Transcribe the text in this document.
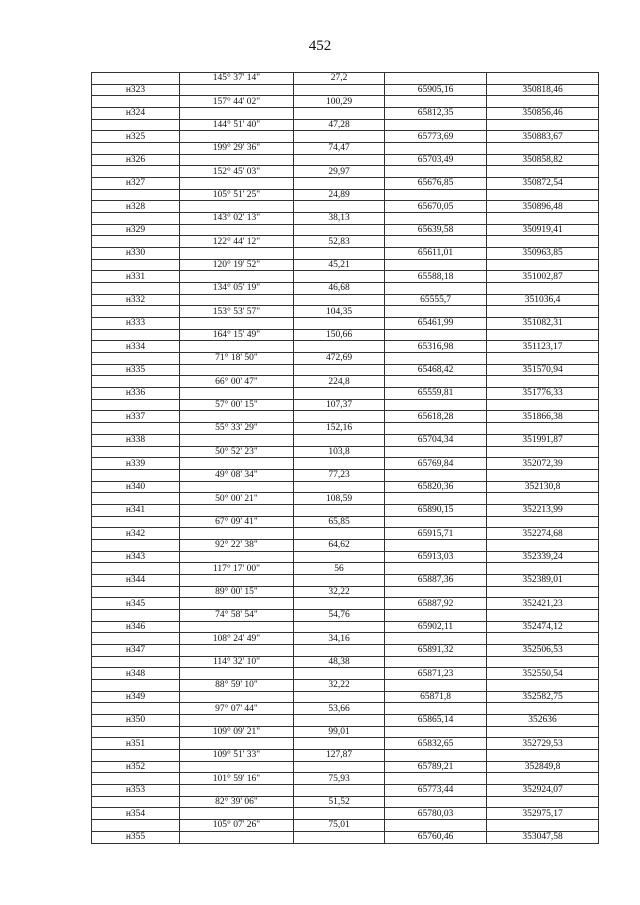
452
	145° 37' 14"	27,2		
н323			65905,16	350818,46
	157° 44' 02"	100,29		
н324			65812,35	350856,46
	144° 51' 40"	47,28		
н325			65773,69	350883,67
	199° 29' 36"	74,47		
н326			65703,49	350858,82
	152° 45' 03"	29,97		
н327			65676,85	350872,54
	105° 51' 25"	24,89		
н328			65670,05	350896,48
	143° 02' 13"	38,13		
н329			65639,58	350919,41
	122° 44' 12"	52,83		
н330			65611,01	350963,85
	120° 19' 52"	45,21		
н331			65588,18	351002,87
	134° 05' 19"	46,68		
н332			65555,7	351036,4
	153° 53' 57"	104,35		
н333			65461,99	351082,31
	164° 15' 49"	150,66		
н334			65316,98	351123,17
	71° 18' 50"	472,69		
н335			65468,42	351570,94
	66° 00' 47"	224,8		
н336			65559,81	351776,33
	57° 00' 15"	107,37		
н337			65618,28	351866,38
	55° 33' 29"	152,16		
н338			65704,34	351991,87
	50° 52' 23"	103,8		
н339			65769,84	352072,39
	49° 08' 34"	77,23		
н340			65820,36	352130,8
	50° 00' 21"	108,59		
н341			65890,15	352213,99
	67° 09' 41"	65,85		
н342			65915,71	352274,68
	92° 22' 38"	64,62		
н343			65913,03	352339,24
	117° 17' 00"	56		
н344			65887,36	352389,01
	89° 00' 15"	32,22		
н345			65887,92	352421,23
	74° 58' 54"	54,76		
н346			65902,11	352474,12
	108° 24' 49"	34,16		
н347			65891,32	352506,53
	114° 32' 10"	48,38		
н348			65871,23	352550,54
	88° 59' 10"	32,22		
н349			65871,8	352582,75
	97° 07' 44"	53,66		
н350			65865,14	352636
	109° 09' 21"	99,01		
н351			65832,65	352729,53
	109° 51' 33"	127,87		
н352			65789,21	352849,8
	101° 59' 16"	75,93		
н353			65773,44	352924,07
	82° 39' 06"	51,52		
н354			65780,03	352975,17
	105° 07' 26"	75,01		
н355			65760,46	353047,58
